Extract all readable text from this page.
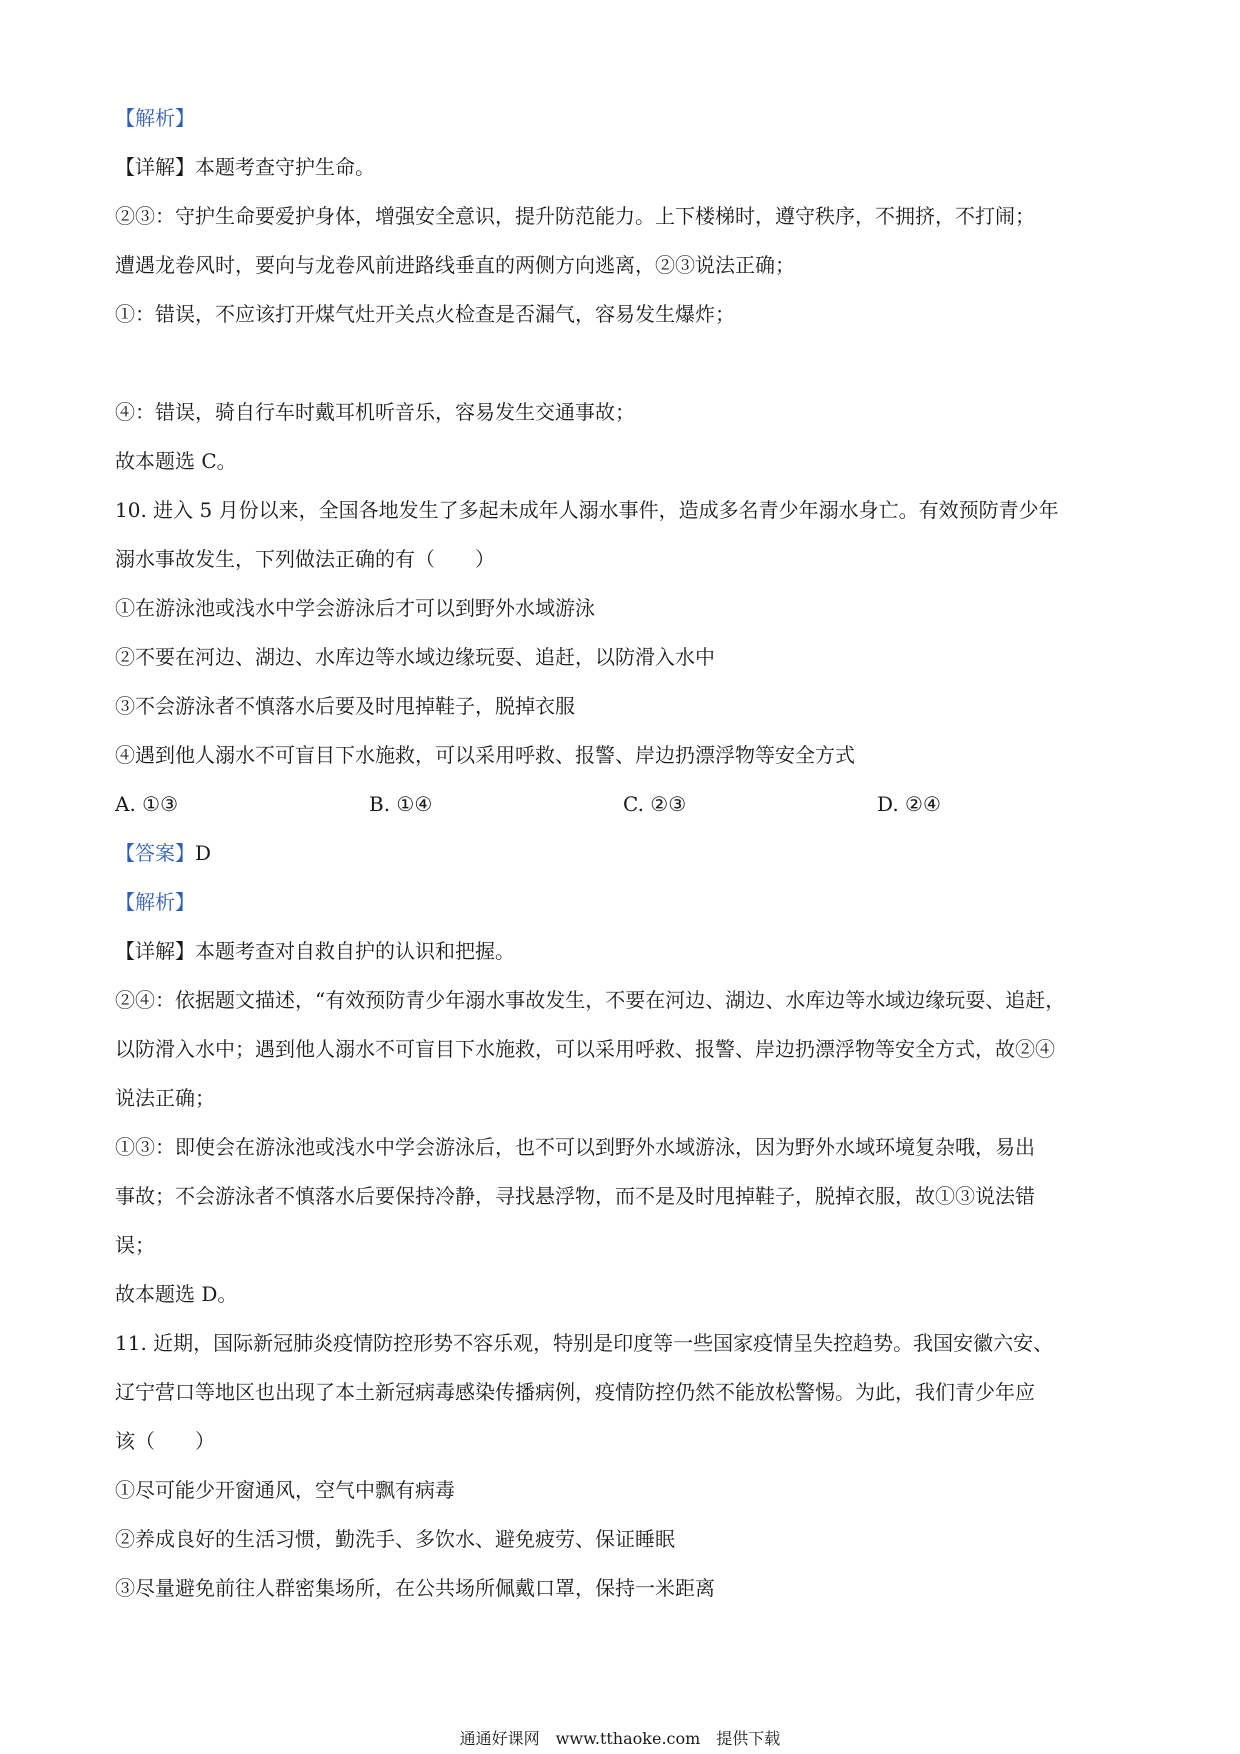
【解析】
【详解】本题考查守护生命。
②③：守护生命要爱护身体，增强安全意识，提升防范能力。上下楼梯时，遵守秩序，不拥挤，不打闹；
遭遇龙卷风时，要向与龙卷风前进路线垂直的两侧方向逃离，②③说法正确；
①：错误，不应该打开煤气灶开关点火检查是否漏气，容易发生爆炸；
④：错误，骑自行车时戴耳机听音乐，容易发生交通事故；
故本题选 C。
10. 进入 5 月份以来，全国各地发生了多起未成年人溺水事件，造成多名青少年溺水身亡。有效预防青少年
溺水事故发生，下列做法正确的有（　　）
①在游泳池或浅水中学会游泳后才可以到野外水域游泳
②不要在河边、湖边、水库边等水域边缘玩耍、追赶，以防滑入水中
③不会游泳者不慎落水后要及时甩掉鞋子，脱掉衣服
④遇到他人溺水不可盲目下水施救，可以采用呼救、报警、岸边扔漂浮物等安全方式
A. ①③	B. ①④	C. ②③	D. ②④
【答案】D
【解析】
【详解】本题考查对自救自护的认识和把握。
②④：依据题文描述，“有效预防青少年溺水事故发生，不要在河边、湖边、水库边等水域边缘玩耍、追赶，
以防滑入水中；遇到他人溺水不可盲目下水施救，可以采用呼救、报警、岸边扔漂浮物等安全方式，故②④
说法正确；
①③：即使会在游泳池或浅水中学会游泳后，也不可以到野外水域游泳，因为野外水域环境复杂哦，易出
事故；不会游泳者不慎落水后要保持冷静，寻找悬浮物，而不是及时甩掉鞋子，脱掉衣服，故①③说法错
误；
故本题选 D。
11. 近期，国际新冠肺炎疫情防控形势不容乐观，特别是印度等一些国家疫情呈失控趋势。我国安徽六安、
辽宁营口等地区也出现了本土新冠病毒感染传播病例，疫情防控仍然不能放松警惕。为此，我们青少年应
该（　　）
①尽可能少开窗通风，空气中飘有病毒
②养成良好的生活习惯，勤洗手、多饮水、避免疲劳、保证睡眠
③尽量避免前往人群密集场所，在公共场所佩戴口罩，保持一米距离
通通好课网　www.tthaoke.com　提供下载
